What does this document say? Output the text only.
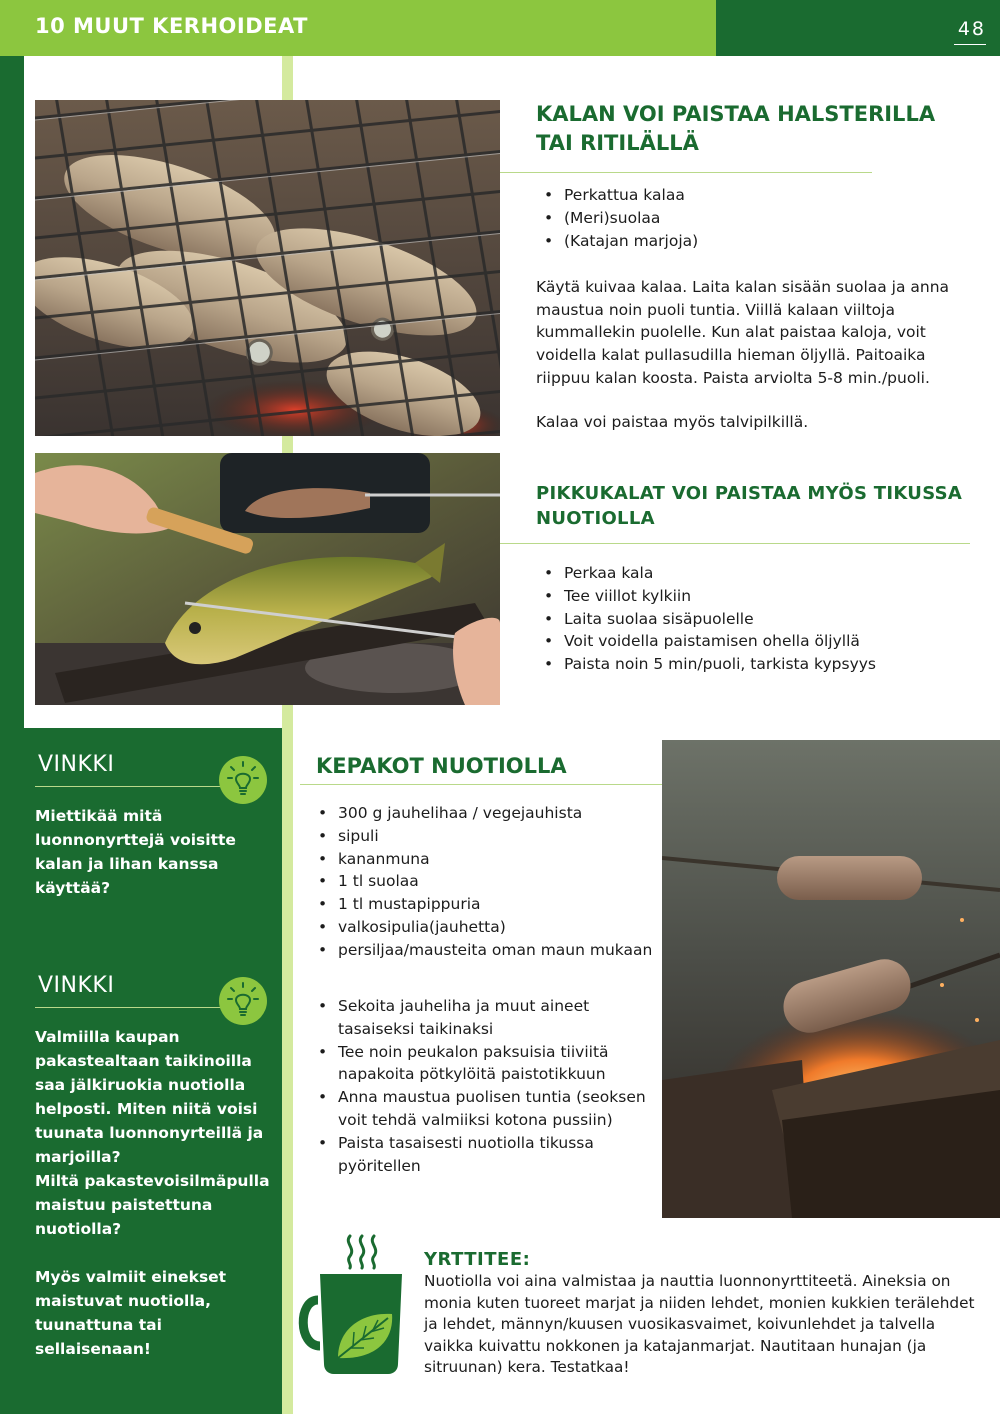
10 MUUT KERHOIDEAT	48
KALAN VOI PAISTAA HALSTERILLA TAI RITILÄLLÄ
• Perkattua kalaa
• (Meri)suolaa
• (Katajan marjoja)
Käytä kuivaa kalaa. Laita kalan sisään suolaa ja anna maustua noin puoli tuntia. Viillä kalaan viiltoja kummallekin puolelle. Kun alat paistaa kaloja, voit voidella kalat pullasudilla hieman öljyllä. Paitoaika riippuu kalan koosta. Paista arviolta 5-8 min./puoli.
Kalaa voi paistaa myös talvipilkillä.
PIKKUKALAT VOI PAISTAA MYÖS TIKUSSA NUOTIOLLA
• Perkaa kala
• Tee viillot kylkiin
• Laita suolaa sisäpuolelle
• Voit voidella paistamisen ohella öljyllä
• Paista noin 5 min/puoli, tarkista kypsyys
VINKKI
Miettikää mitä luonnonyrttejä voisitte kalan ja lihan kanssa käyttää?
VINKKI
Valmiilla kaupan pakastealtaan taikinoilla saa jälkiruokia nuotiolla helposti. Miten niitä voisi tuunata luonnonyrteillä ja marjoilla?
Miltä pakastevoisilmäpulla maistuu paistettuna nuotiolla?

Myös valmiit einekset maistuvat nuotiolla, tuunattuna tai sellaisenaan!
KEPAKOT NUOTIOLLA
• 300 g jauhelihaa / vegejauhista
• sipuli
• kananmuna
• 1 tl suolaa
• 1 tl mustapippuria
• valkosipulia(jauhetta)
• persiljaa/mausteita oman maun mukaan
• Sekoita jauheliha ja muut aineet tasaiseksi taikinaksi
• Tee noin peukalon paksuisia tiiviitä napakoita pötkylöitä paistotikkuun
• Anna maustua puolisen tuntia (seoksen voit tehdä valmiiksi kotona pussiin)
• Paista tasaisesti nuotiolla tikussa pyöritellen
YRTTITEE:
Nuotiolla voi aina valmistaa ja nauttia luonnonyrttiteetä. Aineksia on monia kuten tuoreet marjat ja niiden lehdet, monien kukkien terälehdet ja lehdet, männyn/kuusen vuosikasvaimet, koivunlehdet ja talvella vaikka kuivattu nokkonen ja katajanmarjat. Nautitaan hunajan (ja sitruunan) kera. Testatkaa!
